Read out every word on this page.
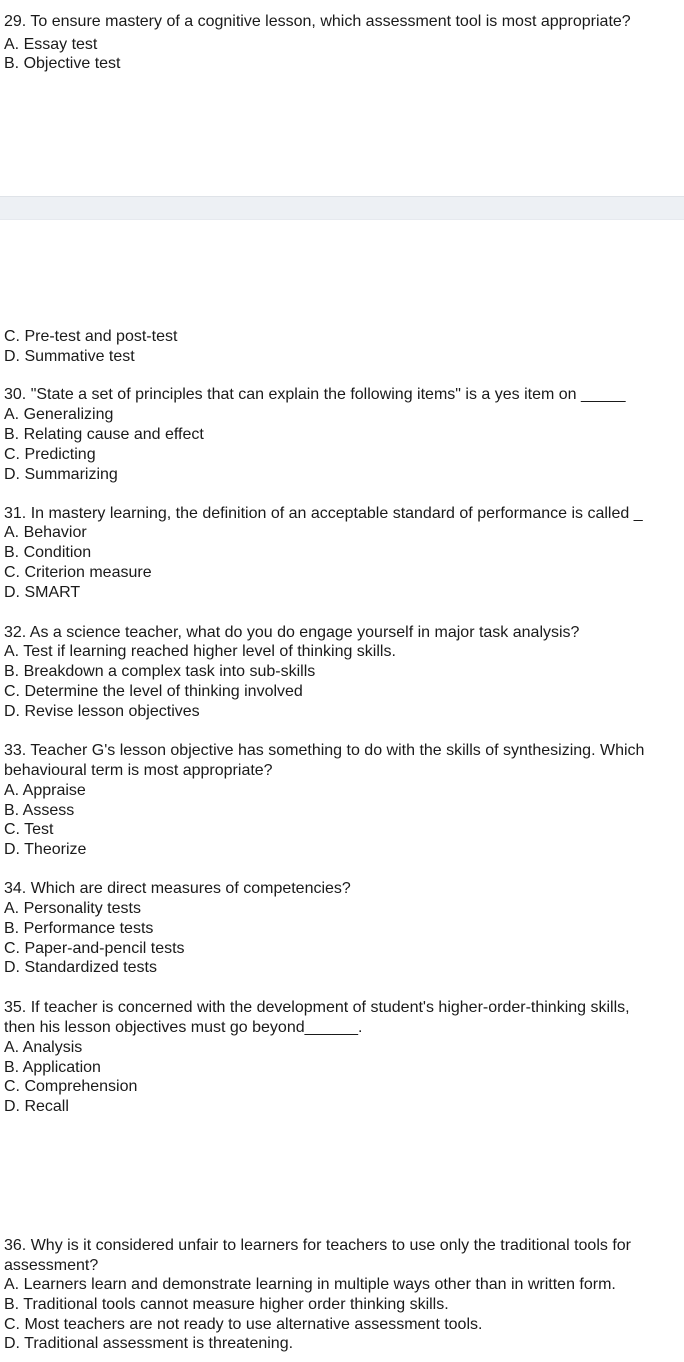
29. To ensure mastery of a cognitive lesson, which assessment tool is most appropriate?
A. Essay test
B. Objective test
C. Pre-test and post-test
D. Summative test
30. "State a set of principles that can explain the following items" is a yes item on _____
A. Generalizing
B. Relating cause and effect
C. Predicting
D. Summarizing
31. In mastery learning, the definition of an acceptable standard of performance is called _
A. Behavior
B. Condition
C. Criterion measure
D. SMART
32. As a science teacher, what do you do engage yourself in major task analysis?
A. Test if learning reached higher level of thinking skills.
B. Breakdown a complex task into sub-skills
C. Determine the level of thinking involved
D. Revise lesson objectives
33. Teacher G's lesson objective has something to do with the skills of synthesizing. Which
behavioural term is most appropriate?
A. Appraise
B. Assess
C. Test
D. Theorize
34. Which are direct measures of competencies?
A. Personality tests
B. Performance tests
C. Paper-and-pencil tests
D. Standardized tests
35. If teacher is concerned with the development of student's higher-order-thinking skills,
then his lesson objectives must go beyond______.
A. Analysis
B. Application
C. Comprehension
D. Recall
36. Why is it considered unfair to learners for teachers to use only the traditional tools for
assessment?
A. Learners learn and demonstrate learning in multiple ways other than in written form.
B. Traditional tools cannot measure higher order thinking skills.
C. Most teachers are not ready to use alternative assessment tools.
D. Traditional assessment is threatening.
